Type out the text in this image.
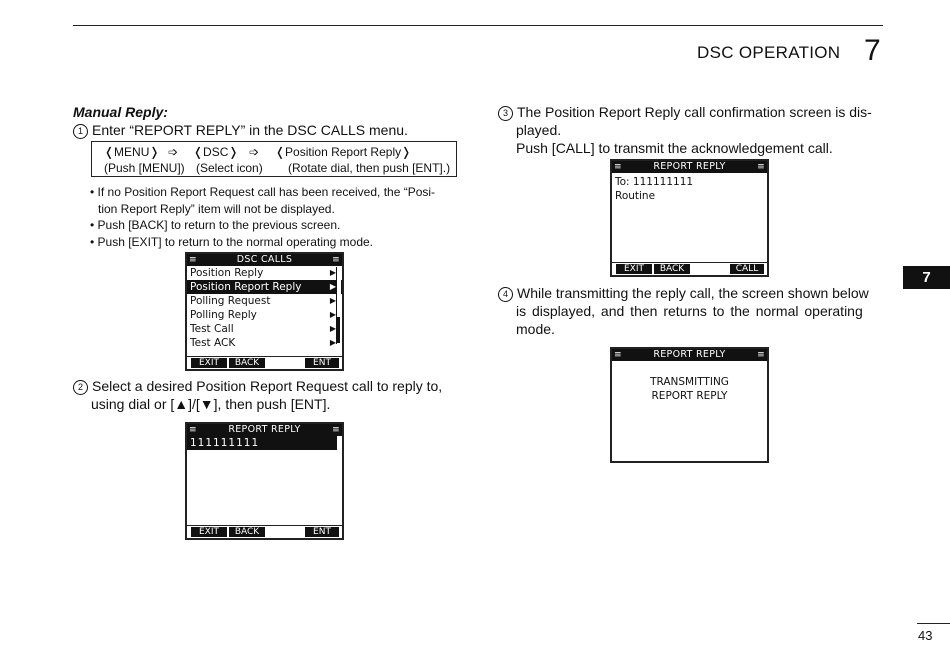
DSC OPERATION 7
7
43
Manual Reply:
1 Enter “REPORT REPLY” in the DSC CALLS menu.
❬MENU❭ ➩ ❬DSC❭ ➩ ❬Position Report Reply❭
(Push [MENU]) (Select icon) (Rotate dial, then push [ENT].)
• If no Position Report Request call has been received, the “Posi-
tion Report Reply” item will not be displayed.
• Push [BACK] to return to the previous screen.
• Push [EXIT] to return to the normal operating mode.
≡	DSC CALLS	≡
Position Reply	▶
Position Report Reply	▶
Polling Request	▶
Polling Reply	▶
Test Call	▶
Test ACK	▶
EXIT	BACK	ENT
2 Select a desired Position Report Request call to reply to,
using dial or [▲]/[▼], then push [ENT].
≡	REPORT REPLY	≡
111111111
EXIT	BACK	ENT
3 The Position Report Reply call confirmation screen is dis-
played.
Push [CALL] to transmit the acknowledgement call.
≡	REPORT REPLY	≡
To: 111111111
Routine
EXIT	BACK	CALL
4 While transmitting the reply call, the screen shown below
is displayed, and then returns to the normal operating
mode.
≡	REPORT REPLY	≡
TRANSMITTING
REPORT REPLY
